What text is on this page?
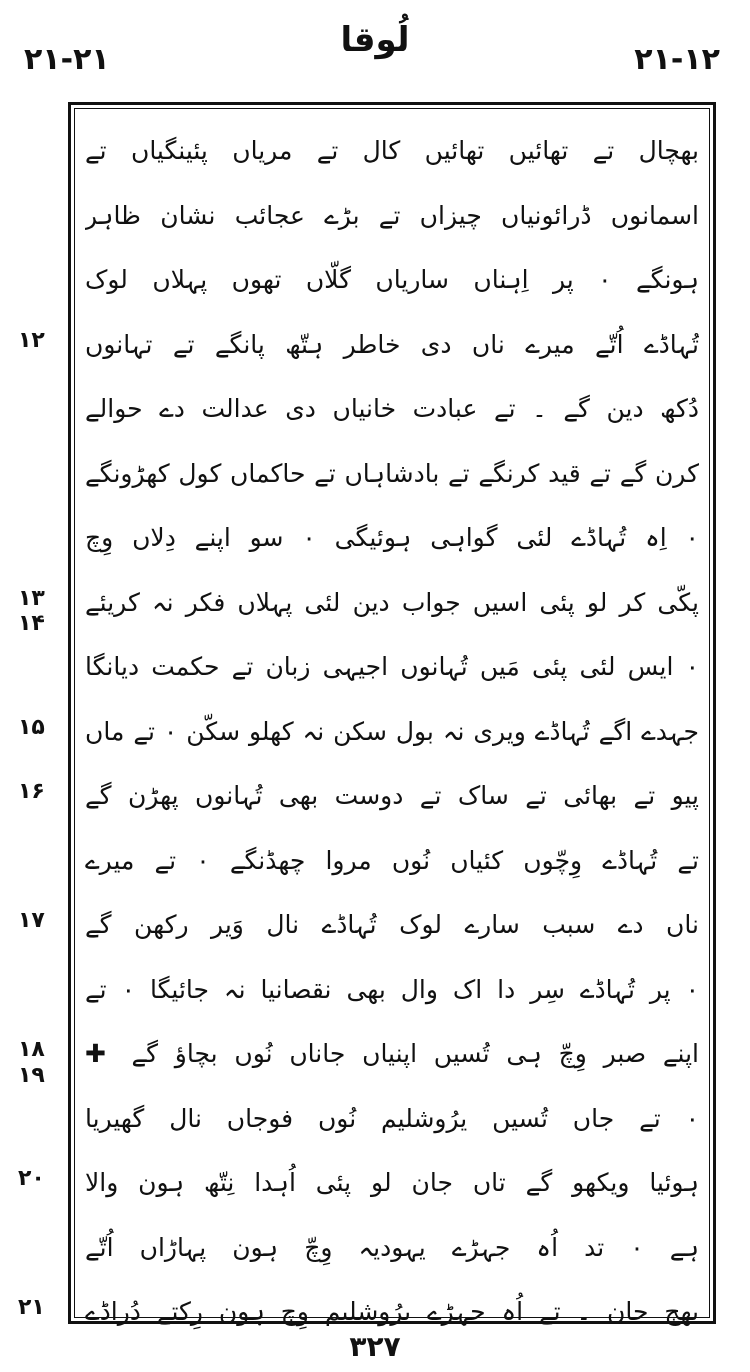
۲۱-۱۲
لُوقا
۲۱-۲۱
۱۲
۱۳
۱۴
۱۵
۱۶
۱۷
۱۸
۱۹
۲۰
۲۱
بھچال تے تھائیں تھائیں کال تے مریاں پئینگیاں تے
اسمانوں ڈرائونیاں چیزاں تے بڑے عجائب نشان ظاہر
ہونگے ۰ پر اِہناں ساریاں گلّاں تھوں پہلاں لوک
تُہاڈے اُتّے میرے ناں دی خاطر ہتّھ پانگے تے تہانوں
دُکھ دین گے ۔ تے عبادت خانیاں دی عدالت دے حوالے
کرن گے تے قید کرنگے تے بادشاہاں تے حاکماں کول کھڑونگے
۰ اِہ تُہاڈے لئی گواہی ہوئیگی ۰ سو اپنے دِلاں وِچ
پکّی کر لو پئی اسیں جواب دین لئی پہلاں فکر نہ کریئے
۰ ایس لئی پئی مَیں تُہانوں اجیہی زبان تے حکمت دیانگا
جہدے اگے تُہاڈے ویری نہ بول سکن نہ کھلو سکّن ۰ تے ماں
پیو تے بھائی تے ساک تے دوست بھی تُہانوں پھڑن گے
تے تُہاڈے وِچّوں کئیاں نُوں مروا چھڈنگے ۰ تے میرے
ناں دے سبب سارے لوک تُہاڈے نال وَیر رکھن گے
۰ پر تُہاڈے سِر دا اک وال بھی نقصانیا نہ جائیگا ۰ تے
اپنے صبر وِچّ ہی تُسیں اپنیاں جاناں نُوں بچاؤ گے ✚
۰ تے جاں تُسیں یرُوشلیم نُوں فوجاں نال گھیریا
ہوئیا ویکھو گے تاں جان لو پئی اُہدا نِتّھ ہون والا
ہے ۰ تد اُہ جہڑے یہودیہ وِچّ ہون پہاڑاں اُتّے
بھج جان ۔ تے اُہ جہڑے یرُوشلیم وِچ ہون رِکتے دُراڈے
۳۲۷
